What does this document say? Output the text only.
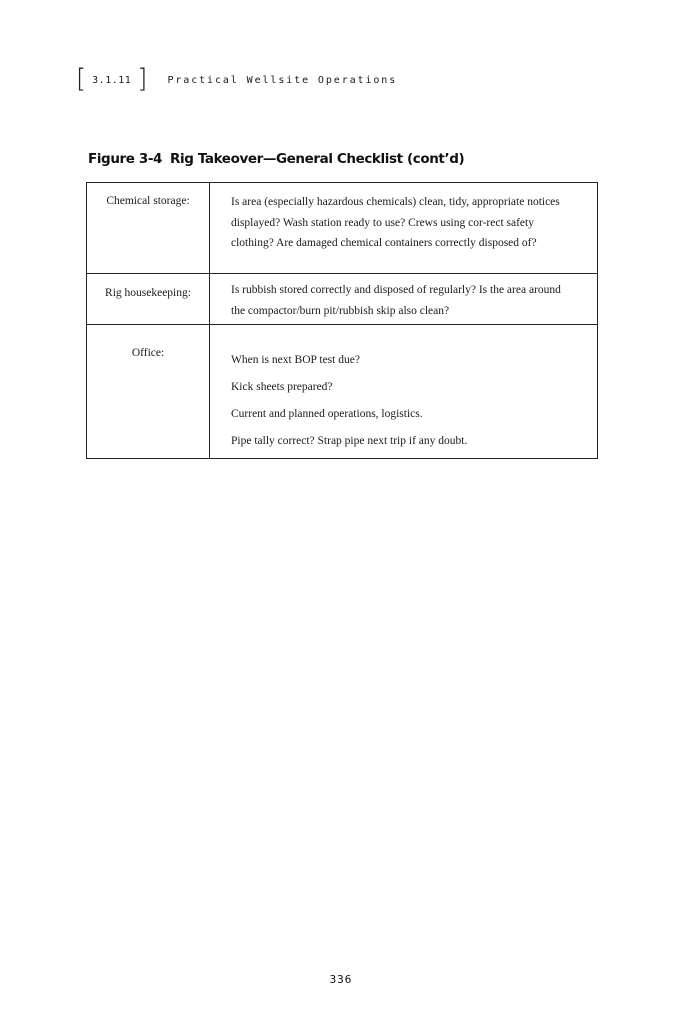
[ 3.1.11 ] Practical Wellsite Operations
Figure 3-4 Rig Takeover—General Checklist (cont’d)
Chemical storage:	Is area (especially hazardous chemicals) clean, tidy, appropriate notices displayed? Wash station ready to use? Crews using cor-rect safety clothing? Are damaged chemical containers correctly disposed of?

Rig housekeeping:	Is rubbish stored correctly and disposed of regularly? Is the area around the compactor/burn pit/rubbish skip also clean?

Office:	When is next BOP test due?
Kick sheets prepared?
Current and planned operations, logistics.
Pipe tally correct? Strap pipe next trip if any doubt.
336
